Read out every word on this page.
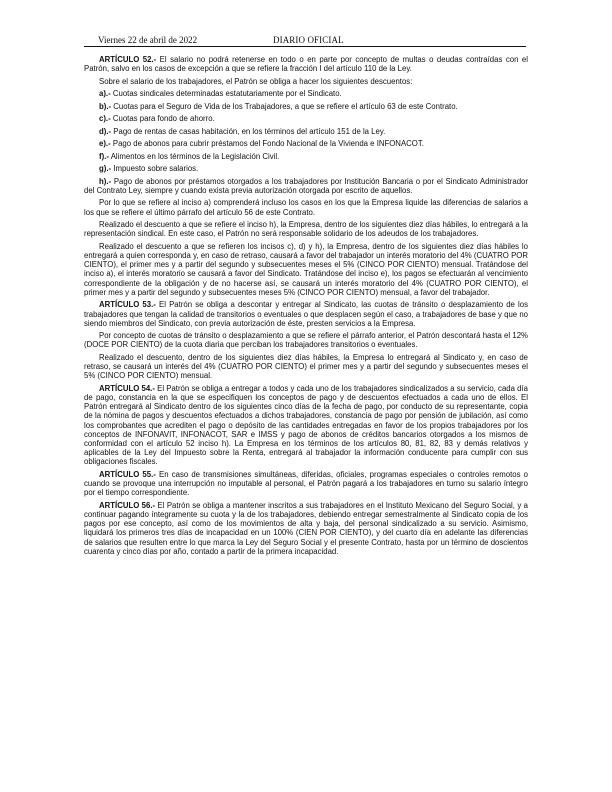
Viernes 22 de abril de 2022	DIARIO OFICIAL

ARTÍCULO 52.- El salario no podrá retenerse en todo o en parte por concepto de multas o deudas contraídas con el Patrón, salvo en los casos de excepción a que se refiere la fracción I del artículo 110 de la Ley.

Sobre el salario de los trabajadores, el Patrón se obliga a hacer los siguientes descuentos:

a).- Cuotas sindicales determinadas estatutariamente por el Sindicato.

b).- Cuotas para el Seguro de Vida de los Trabajadores, a que se refiere el artículo 63 de este Contrato.

c).- Cuotas para fondo de ahorro.

d).- Pago de rentas de casas habitación, en los términos del artículo 151 de la Ley.

e).- Pago de abonos para cubrir préstamos del Fondo Nacional de la Vivienda e INFONACOT.

f).- Alimentos en los términos de la Legislación Civil.

g).- Impuesto sobre salarios.

h).- Pago de abonos por préstamos otorgados a los trabajadores por Institución Bancaria o por el Sindicato Administrador del Contrato Ley, siempre y cuando exista previa autorización otorgada por escrito de aquellos.

Por lo que se refiere al inciso a) comprenderá incluso los casos en los que la Empresa liquide las diferencias de salarios a los que se refiere el último párrafo del artículo 56 de este Contrato.

Realizado el descuento a que se refiere el inciso h), la Empresa, dentro de los siguientes diez días hábiles, lo entregará a la representación sindical. En este caso, el Patrón no será responsable solidario de los adeudos de los trabajadores.

Realizado el descuento a que se refieren los incisos c), d) y h), la Empresa, dentro de los siguientes diez días hábiles lo entregará a quien corresponda y, en caso de retraso, causará a favor del trabajador un interés moratorio del 4% (CUATRO POR CIENTO), el primer mes y a partir del segundo y subsecuentes meses el 5% (CINCO POR CIENTO) mensual. Tratándose del inciso a), el interés moratorio se causará a favor del Sindicato. Tratándose del inciso e), los pagos se efectuarán al vencimiento correspondiente de la obligación y de no hacerse así, se causará un interés moratorio del 4% (CUATRO POR CIENTO), el primer mes y a partir del segundo y subsecuentes meses 5% (CINCO POR CIENTO) mensual, a favor del trabajador.

ARTÍCULO 53.- El Patrón se obliga a descontar y entregar al Sindicato, las cuotas de tránsito o desplazamiento de los trabajadores que tengan la calidad de transitorios o eventuales o que desplacen según el caso, a trabajadores de base y que no siendo miembros del Sindicato, con previa autorización de éste, presten servicios a la Empresa.

Por concepto de cuotas de tránsito o desplazamiento a que se refiere el párrafo anterior, el Patrón descontará hasta el 12% (DOCE POR CIENTO) de la cuota diaria que perciban los trabajadores transitorios o eventuales.

Realizado el descuento, dentro de los siguientes diez días hábiles, la Empresa lo entregará al Sindicato y, en caso de retraso, se causará un interés del 4% (CUATRO POR CIENTO) el primer mes y a partir del segundo y subsecuentes meses el 5% (CINCO POR CIENTO) mensual.

ARTÍCULO 54.- El Patrón se obliga a entregar a todos y cada uno de los trabajadores sindicalizados a su servicio, cada día de pago, constancia en la que se especifiquen los conceptos de pago y de descuentos efectuados a cada uno de ellos. El Patrón entregará al Sindicato dentro de los siguientes cinco días de la fecha de pago, por conducto de su representante, copia de la nómina de pagos y descuentos efectuados a dichos trabajadores, constancia de pago por pensión de jubilación, así como los comprobantes que acrediten el pago o depósito de las cantidades entregadas en favor de los propios trabajadores por los conceptos de INFONAVIT, INFONACOT, SAR e IMSS y pago de abonos de créditos bancarios otorgados a los mismos de conformidad con el artículo 52 inciso h). La Empresa en los términos de los artículos 80, 81, 82, 83 y demás relativos y aplicables de la Ley del Impuesto sobre la Renta, entregará al trabajador la información conducente para cumplir con sus obligaciones fiscales.

ARTÍCULO 55.- En caso de transmisiones simultáneas, diferidas, oficiales, programas especiales o controles remotos o cuando se provoque una interrupción no imputable al personal, el Patrón pagará a los trabajadores en turno su salario íntegro por el tiempo correspondiente.

ARTÍCULO 56.- El Patrón se obliga a mantener inscritos a sus trabajadores en el Instituto Mexicano del Seguro Social, y a continuar pagando íntegramente su cuota y la de los trabajadores, debiendo entregar semestralmente al Sindicato copia de los pagos por ese concepto, así como de los movimientos de alta y baja, del personal sindicalizado a su servicio. Asimismo, liquidará los primeros tres días de incapacidad en un 100% (CIEN POR CIENTO), y del cuarto día en adelante las diferencias de salarios que resulten entre lo que marca la Ley del Seguro Social y el presente Contrato, hasta por un término de doscientos cuarenta y cinco días por año, contado a partir de la primera incapacidad.
